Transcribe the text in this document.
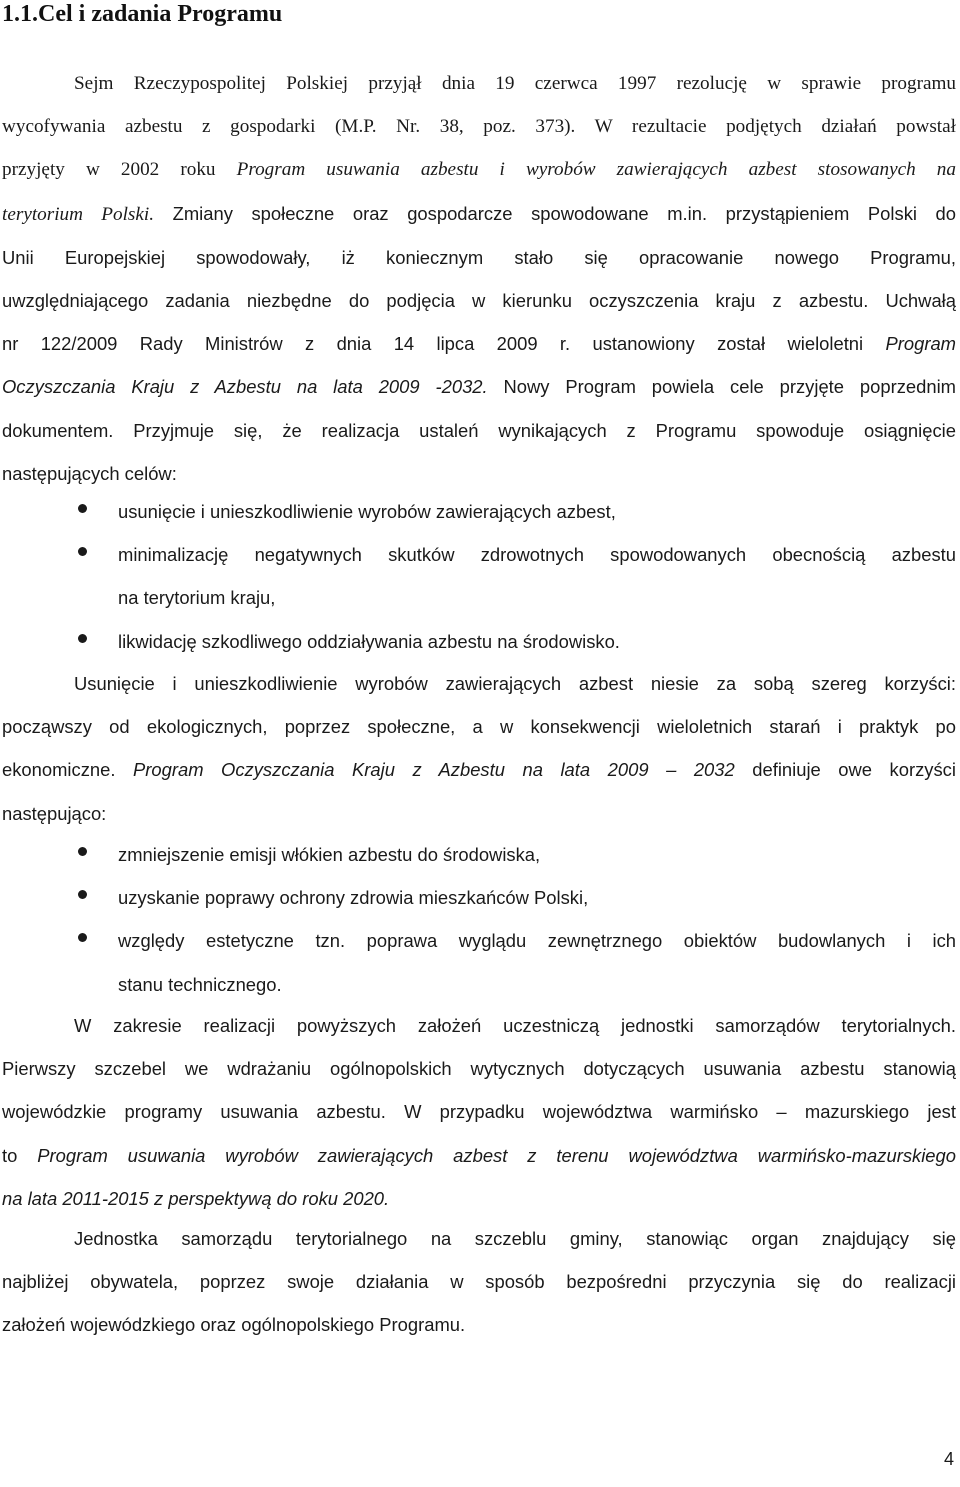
1.1.Cel i zadania Programu
Sejm Rzeczypospolitej Polskiej przyjął dnia 19 czerwca 1997 rezolucję w sprawie programu
wycofywania azbestu z gospodarki (M.P. Nr. 38, poz. 373). W rezultacie podjętych działań powstał
przyjęty w 2002 roku Program usuwania azbestu i wyrobów zawierających azbest stosowanych na
terytorium Polski. Zmiany społeczne oraz gospodarcze spowodowane m.in. przystąpieniem Polski do
Unii Europejskiej spowodowały, iż koniecznym stało się opracowanie nowego Programu,
uwzględniającego zadania niezbędne do podjęcia w kierunku oczyszczenia kraju z azbestu. Uchwałą
nr 122/2009 Rady Ministrów z dnia 14 lipca 2009 r. ustanowiony został wieloletni Program
Oczyszczania Kraju z Azbestu na lata 2009 -2032. Nowy Program powiela cele przyjęte poprzednim
dokumentem. Przyjmuje się, że realizacja ustaleń wynikających z Programu spowoduje osiągnięcie
następujących celów:
usunięcie i unieszkodliwienie wyrobów zawierających azbest,
minimalizację negatywnych skutków zdrowotnych spowodowanych obecnością azbestu
na terytorium kraju,
likwidację szkodliwego oddziaływania azbestu na środowisko.
Usunięcie i unieszkodliwienie wyrobów zawierających azbest niesie za sobą szereg korzyści:
począwszy od ekologicznych, poprzez społeczne, a w konsekwencji wieloletnich starań i praktyk po
ekonomiczne. Program Oczyszczania Kraju z Azbestu na lata 2009 – 2032 definiuje owe korzyści
następująco:
zmniejszenie emisji włókien azbestu do środowiska,
uzyskanie poprawy ochrony zdrowia mieszkańców Polski,
względy estetyczne tzn. poprawa wyglądu zewnętrznego obiektów budowlanych i ich
stanu technicznego.
W zakresie realizacji powyższych założeń uczestniczą jednostki samorządów terytorialnych.
Pierwszy szczebel we wdrażaniu ogólnopolskich wytycznych dotyczących usuwania azbestu stanowią
wojewódzkie programy usuwania azbestu. W przypadku województwa warmińsko – mazurskiego jest
to Program usuwania wyrobów zawierających azbest z terenu województwa warmińsko-mazurskiego
na lata 2011-2015 z perspektywą do roku 2020.
Jednostka samorządu terytorialnego na szczeblu gminy, stanowiąc organ znajdujący się
najbliżej obywatela, poprzez swoje działania w sposób bezpośredni przyczynia się do realizacji
założeń wojewódzkiego oraz ogólnopolskiego Programu.
4
